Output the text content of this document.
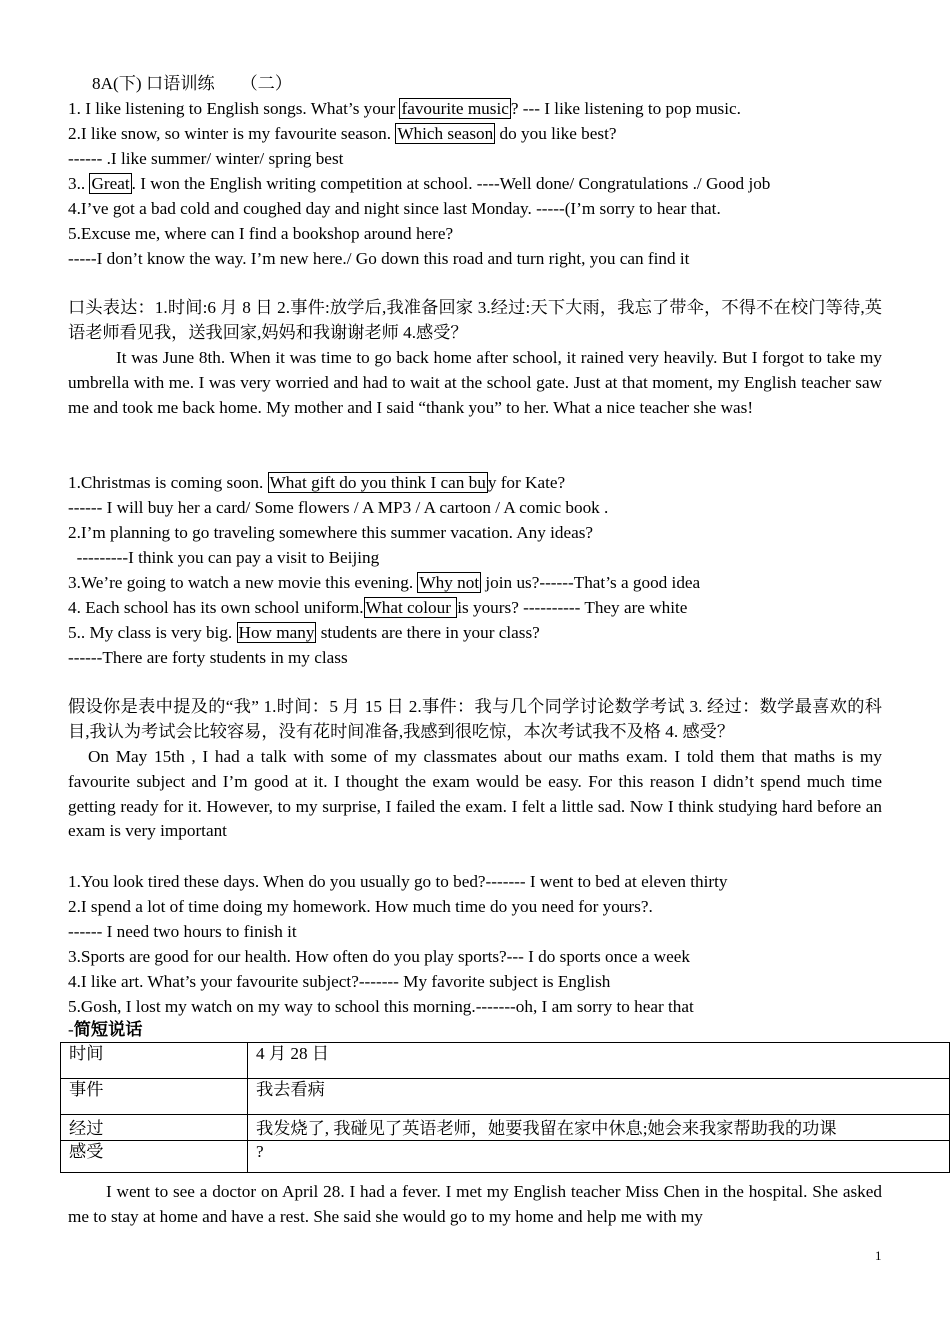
8A(下) 口语训练　　（二）
1. I like listening to English songs. What’s your favourite music ? --- I like listening to pop music.
2.I like snow, so winter is my favourite season. Which season do you like best?
------ .I like summer/ winter/ spring best
3.. Great . I won the English writing competition at school. ----Well done/ Congratulations ./ Good job
4.I’ve got a bad cold and coughed day and night since last Monday. -----(I’m sorry to hear that.
5.Excuse me, where can I find a bookshop around here?
-----I don’t know the way. I’m new here./ Go down this road and turn right, you can find it
口头表达：1.时间:6 月 8 日 2.事件:放学后,我准备回家 3.经过:天下大雨，我忘了带伞，不得不在校门等待,英语老师看见我，送我回家,妈妈和我谢谢老师 4.感受？
It was June 8th. When it was time to go back home after school, it rained very heavily. But I forgot to take my umbrella with me. I was very worried and had to wait at the school gate. Just at that moment, my English teacher saw me and took me back home. My mother and I said “thank you” to her. What a nice teacher she was!
1.Christmas is coming soon. What gift do you think I can bu y for Kate?
------ I will buy her a card/ Some flowers / A MP3 / A cartoon / A comic book .
2.I’m planning to go traveling somewhere this summer vacation. Any ideas?
---------I think you can pay a visit to Beijing
3.We’re going to watch a new movie this evening. Why not join us?------That’s a good idea
4. Each school has its own school uniform. What colour is yours? ---------- They are white
5.. My class is very big. How many students are there in your class?
------There are forty students in my class
假设你是表中提及的“我” 1.时间：5 月 15 日 2.事件：我与几个同学讨论数学考试 3. 经过：数学最喜欢的科目,我认为考试会比较容易，没有花时间准备,我感到很吃惊，本次考试我不及格 4. 感受？
On May 15th , I had a talk with some of my classmates about our maths exam. I told them that maths is my favourite subject and I’m good at it. I thought the exam would be easy. For this reason I didn’t spend much time getting ready for it. However, to my surprise, I failed the exam. I felt a little sad. Now I think studying hard before an exam is very important
1.You look tired these days. When do you usually go to bed?------- I went to bed at eleven thirty
2.I spend a lot of time doing my homework. How much time do you need for yours?.
------ I need two hours to finish it
3.Sports are good for our health. How often do you play sports?--- I do sports once a week
4.I like art. What’s your favourite subject?------- My favorite subject is English
5.Gosh, I lost my watch on my way to school this morning.-------oh, I am sorry to hear that
-简短说话
时间	4 月 28 日
事件	我去看病
经过	我发烧了, 我碰见了英语老师，她要我留在家中休息;她会来我家帮助我的功课
感受	?
I went to see a doctor on April 28. I had a fever. I met my English teacher Miss Chen in the hospital. She asked me to stay at home and have a rest. She said she would go to my home and help me with my
1
